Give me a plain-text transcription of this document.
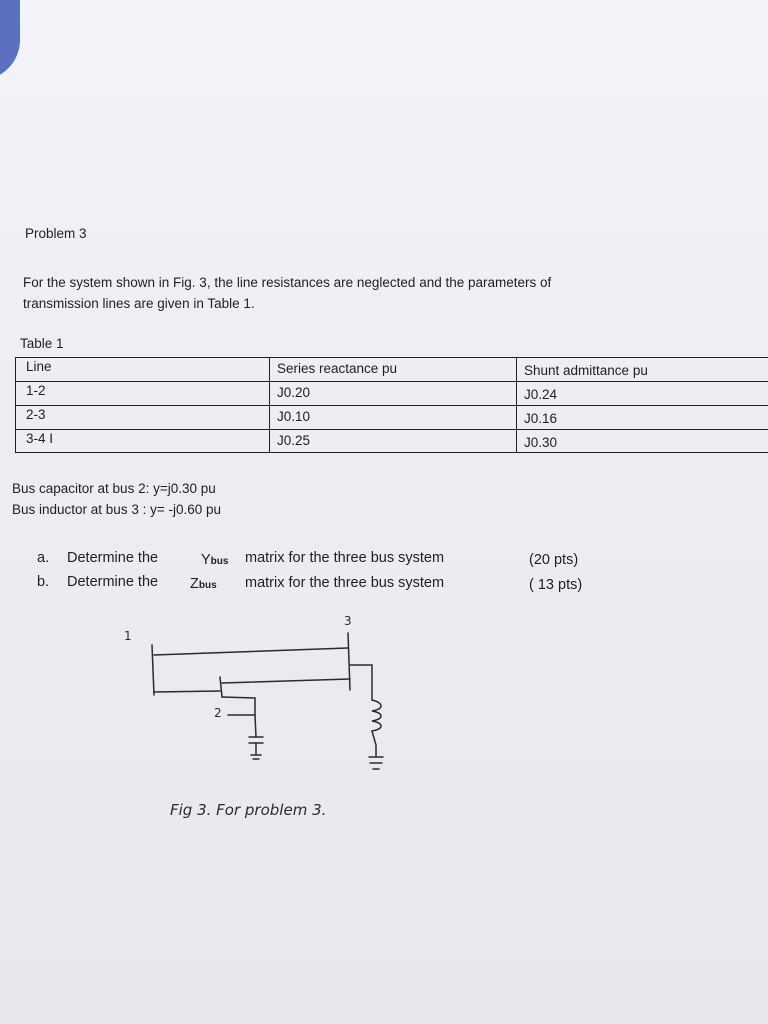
Problem 3
For the system shown in Fig. 3, the line resistances are neglected and the parameters of
transmission lines are given in Table 1.
Table 1
Line	Series reactance pu	Shunt admittance pu
1-2	J0.20	J0.24
2-3	J0.10	J0.16
3-4 I	J0.25	J0.30
Bus capacitor at bus 2: y=j0.30 pu
Bus inductor at bus 3 : y= -j0.60 pu
a. Determine the	Ybus matrix for the three bus system	(20 pts)
b. Determine the Zbus matrix for the three bus system	( 13 pts)
1
2
3
Fig 3. For problem 3.
